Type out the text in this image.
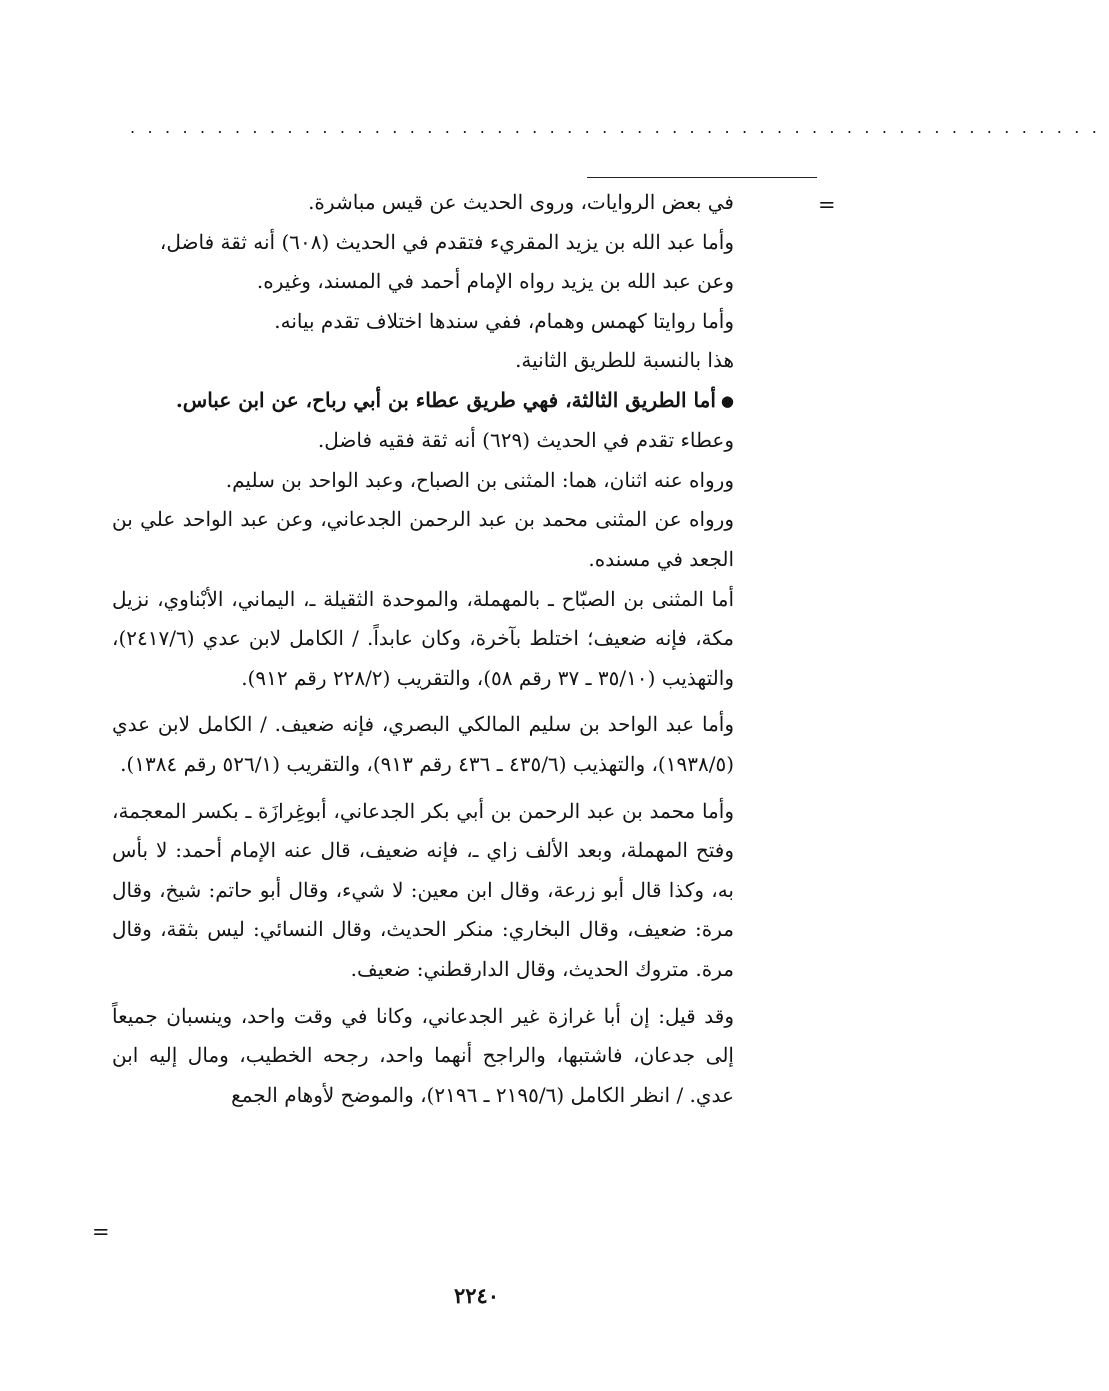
........................................................
=

في بعض الروايات، وروى الحديث عن قيس مباشرة.

وأما عبد الله بن يزيد المقريء فتقدم في الحديث (٦٠٨) أنه ثقة فاضل،

وعن عبد الله بن يزيد رواه الإمام أحمد في المسند، وغيره.

وأما روايتا كهمس وهمام، ففي سندها اختلاف تقدم بيانه.

هذا بالنسبة للطريق الثانية.

●أما الطريق الثالثة، فهي طريق عطاء بن أبي رباح، عن ابن عباس.

وعطاء تقدم في الحديث (٦٢٩) أنه ثقة فقيه فاضل.

ورواه عنه اثنان، هما: المثنى بن الصباح، وعبد الواحد بن سليم.

ورواه عن المثنى محمد بن عبد الرحمن الجدعاني، وعن عبد الواحد علي بن الجعد في مسنده.

أما المثنى بن الصبّاح ـ بالمهملة، والموحدة الثقيلة ـ، اليماني، الأبْناوي، نزيل مكة، فإنه ضعيف؛ اختلط بآخرة، وكان عابداً. / الكامل لابن عدي (٢٤١٧/٦)، والتهذيب (٣٥/١٠ ـ ٣٧ رقم ٥٨)، والتقريب (٢٢٨/٢ رقم ٩١٢).

وأما عبد الواحد بن سليم المالكي البصري، فإنه ضعيف. / الكامل لابن عدي (١٩٣٨/٥)، والتهذيب (٤٣٥/٦ ـ ٤٣٦ رقم ٩١٣)، والتقريب (٥٢٦/١ رقم ١٣٨٤).

وأما محمد بن عبد الرحمن بن أبي بكر الجدعاني، أبوغِرازَة ـ بكسر المعجمة، وفتح المهملة، وبعد الألف زاي ـ، فإنه ضعيف، قال عنه الإمام أحمد: لا بأس به، وكذا قال أبو زرعة، وقال ابن معين: لا شيء، وقال أبو حاتم: شيخ، وقال مرة: ضعيف، وقال البخاري: منكر الحديث، وقال النسائي: ليس بثقة، وقال مرة. متروك الحديث، وقال الدارقطني: ضعيف.

وقد قيل: إن أبا غرازة غير الجدعاني، وكانا في وقت واحد، وينسبان جميعاً إلى جدعان، فاشتبها، والراجح أنهما واحد، رجحه الخطيب، ومال إليه ابن عدي. / انظر الكامل (٢١٩٥/٦ ـ ٢١٩٦)، والموضح لأوهام الجمع

=
٢٢٤٠
